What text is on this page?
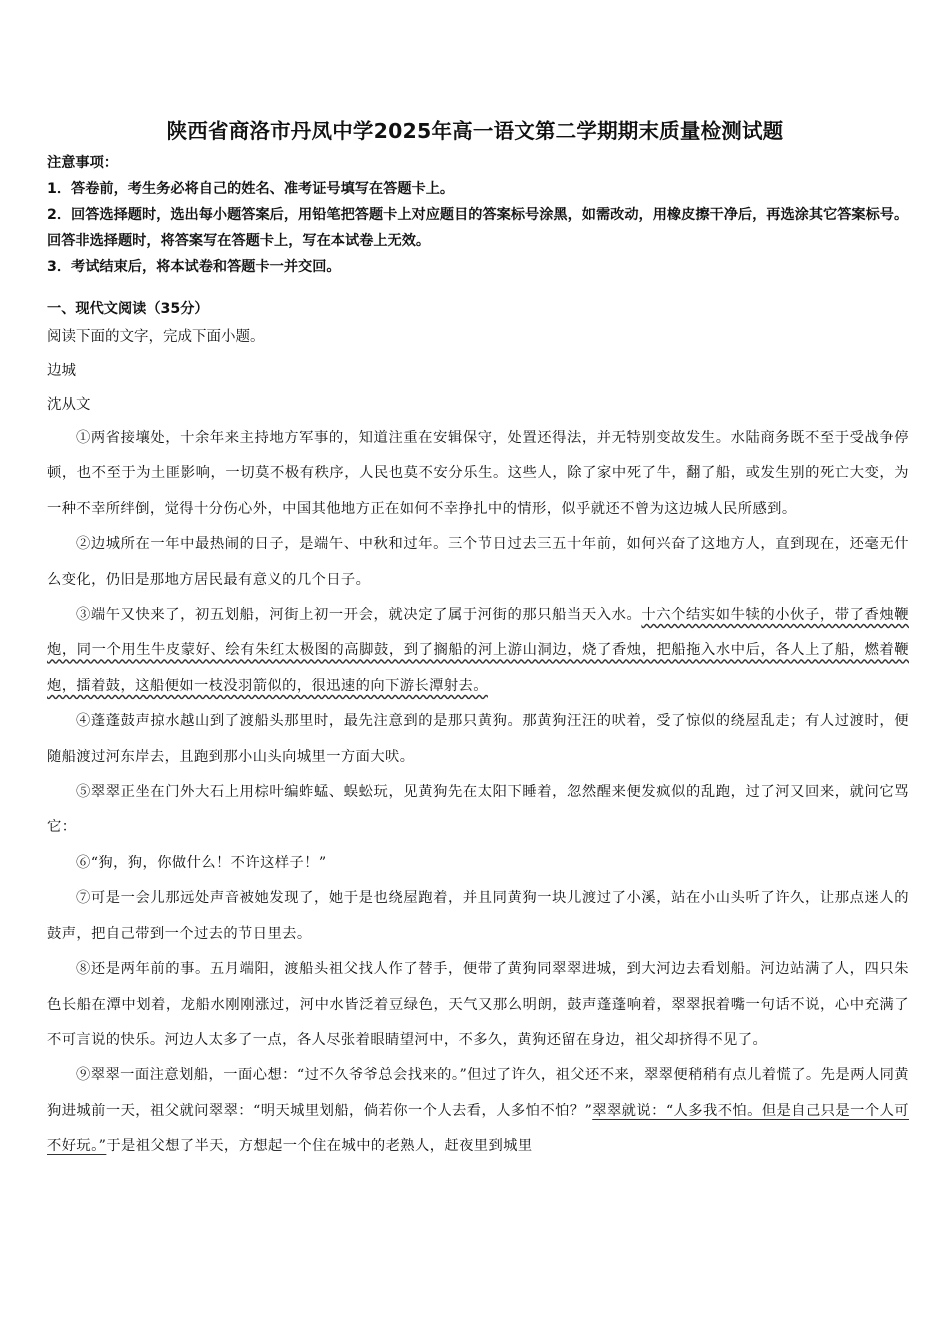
陕西省商洛市丹凤中学2025年高一语文第二学期期末质量检测试题

注意事项：

1．答卷前，考生务必将自己的姓名、准考证号填写在答题卡上。

2．回答选择题时，选出每小题答案后，用铅笔把答题卡上对应题目的答案标号涂黑，如需改动，用橡皮擦干净后，再选涂其它答案标号。回答非选择题时，将答案写在答题卡上，写在本试卷上无效。

3．考试结束后，将本试卷和答题卡一并交回。

一、现代文阅读（35分）
阅读下面的文字，完成下面小题。
边城
沈从文

①两省接壤处，十余年来主持地方军事的，知道注重在安辑保守，处置还得法，并无特别变故发生。水陆商务既不至于受战争停顿，也不至于为土匪影响，一切莫不极有秩序，人民也莫不安分乐生。这些人，除了家中死了牛，翻了船，或发生别的死亡大变，为一种不幸所绊倒，觉得十分伤心外，中国其他地方正在如何不幸挣扎中的情形，似乎就还不曾为这边城人民所感到。

②边城所在一年中最热闹的日子，是端午、中秋和过年。三个节日过去三五十年前，如何兴奋了这地方人，直到现在，还毫无什么变化，仍旧是那地方居民最有意义的几个日子。

③端午又快来了，初五划船，河街上初一开会，就决定了属于河街的那只船当天入水。十六个结实如牛犊的小伙子，带了香烛鞭炮，同一个用生牛皮蒙好、绘有朱红太极图的高脚鼓，到了搁船的河上游山洞边，烧了香烛，把船拖入水中后，各人上了船，燃着鞭炮，擂着鼓，这船便如一枝没羽箭似的，很迅速的向下游长潭射去。

④蓬蓬鼓声掠水越山到了渡船头那里时，最先注意到的是那只黄狗。那黄狗汪汪的吠着，受了惊似的绕屋乱走；有人过渡时，便随船渡过河东岸去，且跑到那小山头向城里一方面大吠。

⑤翠翠正坐在门外大石上用棕叶编蚱蜢、蜈蚣玩，见黄狗先在太阳下睡着，忽然醒来便发疯似的乱跑，过了河又回来，就问它骂它：

⑥“狗，狗，你做什么！不许这样子！”

⑦可是一会儿那远处声音被她发现了，她于是也绕屋跑着，并且同黄狗一块儿渡过了小溪，站在小山头听了许久，让那点迷人的鼓声，把自己带到一个过去的节日里去。

⑧还是两年前的事。五月端阳，渡船头祖父找人作了替手，便带了黄狗同翠翠进城，到大河边去看划船。河边站满了人，四只朱色长船在潭中划着，龙船水刚刚涨过，河中水皆泛着豆绿色，天气又那么明朗，鼓声蓬蓬响着，翠翠抿着嘴一句话不说，心中充满了不可言说的快乐。河边人太多了一点，各人尽张着眼睛望河中，不多久，黄狗还留在身边，祖父却挤得不见了。

⑨翠翠一面注意划船，一面心想：“过不久爷爷总会找来的。”但过了许久，祖父还不来，翠翠便稍稍有点儿着慌了。先是两人同黄狗进城前一天，祖父就问翠翠：“明天城里划船，倘若你一个人去看，人多怕不怕？”翠翠就说：“人多我不怕。但是自己只是一个人可不好玩。”于是祖父想了半天，方想起一个住在城中的老熟人，赶夜里到城里
